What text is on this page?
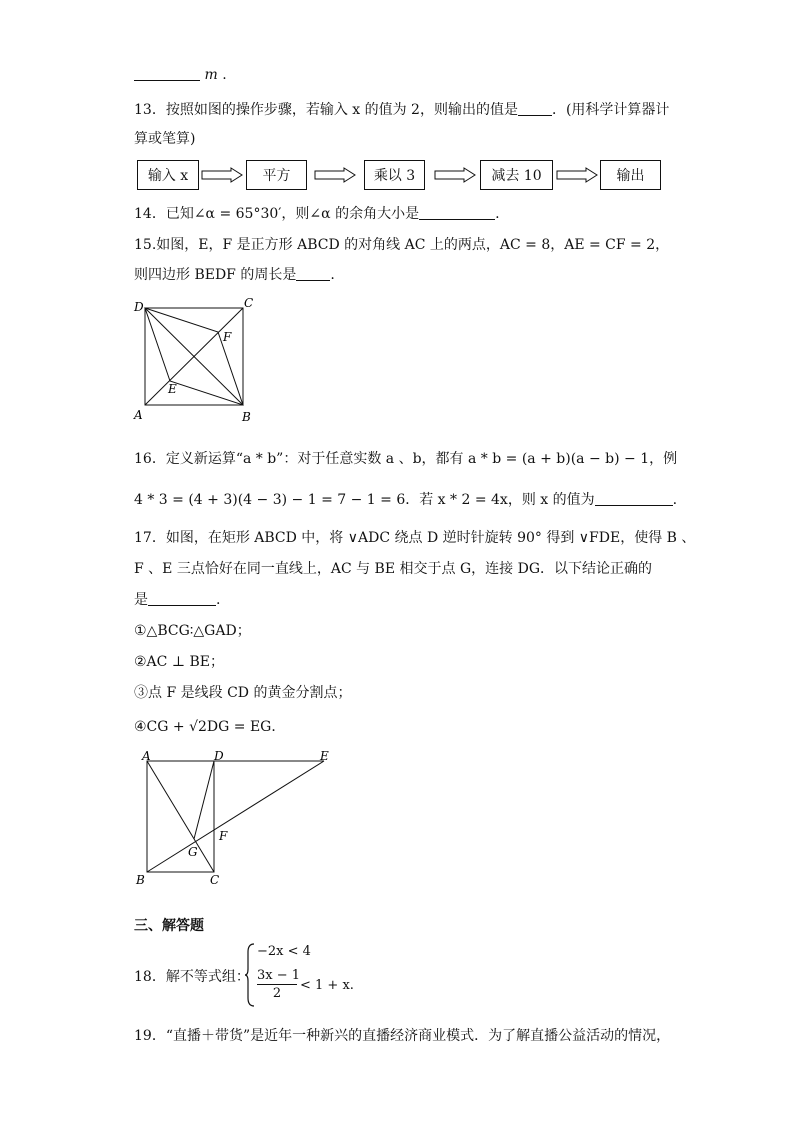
m .
13．按照如图的操作步骤，若输入 x 的值为 2，则输出的值是 ．(用科学计算器计
算或笔算)
输入 x	平方	乘以 3	减去 10	输出
14．已知∠α = 65°30′，则∠α 的余角大小是	.
15.如图，E，F 是正方形 ABCD 的对角线 AC 上的两点，AC = 8，AE = CF = 2，
则四边形 BEDF 的周长是 .
D	C
F
E
A	B
16．定义新运算“a * b”：对于任意实数 a 、b，都有 a * b = (a + b)(a − b) − 1，例
4 * 3 = (4 + 3)(4 − 3) − 1 = 7 − 1 = 6．若 x * 2 = 4x，则 x 的值为	.
17．如图，在矩形 ABCD 中，将 ∨ADC 绕点 D 逆时针旋转 90° 得到 ∨FDE，使得 B 、
F 、E 三点恰好在同一直线上，AC 与 BE 相交于点 G，连接 DG．以下结论正确的
是	.
①△BCG∶△GAD；
②AC ⊥ BE；
③点 F 是线段 CD 的黄金分割点；
④CG + √2DG = EG．
A	D	E
F
G
B	C
三、解答题
18．解不等式组：
−2x < 4
3x − 1
2
< 1 + x.
19．“直播＋带货”是近年一种新兴的直播经济商业模式．为了解直播公益活动的情况，
